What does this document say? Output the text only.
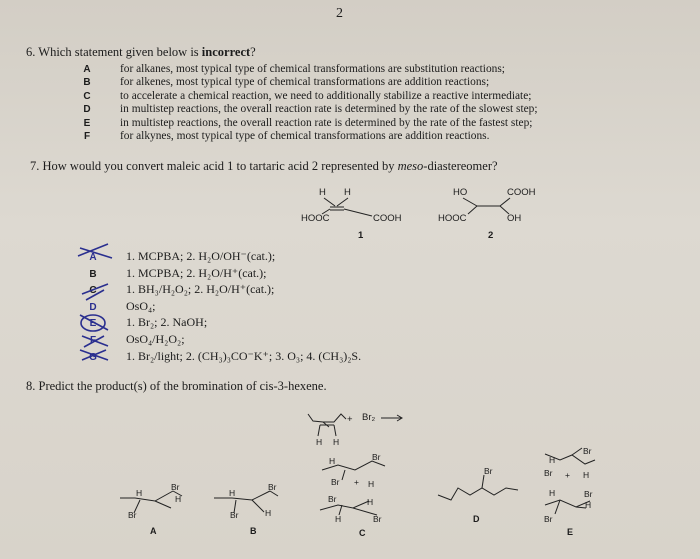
2
6. Which statement given below is incorrect?
A	for alkanes, most typical type of chemical transformations are substitution reactions;
B	for alkenes, most typical type of chemical transformations are addition reactions;
C	to accelerate a chemical reaction, we need to additionally stabilize a reactive intermediate;
D	in multistep reactions, the overall reaction rate is determined by the rate of the slowest step;
E	in multistep reactions, the overall reaction rate is determined by the rate of the fastest step;
F	for alkynes, most typical type of chemical transformations are addition reactions.
7. How would you convert maleic acid 1 to tartaric acid 2 represented by meso-diastereomer?
H H
HOOC	COOH
1
HO	COOH
HOOC	OH
2
A 1. MCPBA; 2. H₂O/OH⁻(cat.);
B 1. MCPBA; 2. H₂O/H⁺(cat.);
C 1. BH₃/H₂O₂; 2. H₂O/H⁺(cat.);
D OsO₄;
E 1. Br₂; 2. NaOH;
F OsO₄/H₂O₂;
G 1. Br₂/light; 2. (CH₃)₃CO⁻K⁺; 3. O₃; 4. (CH₃)₂S.
8. Predict the product(s) of the bromination of cis-3-hexene.
+ Br₂
H H
H
Br
H
Br
A
H
Br
Br	H
B
H	Br
Br + H
Br	H
H	Br
C
Br
D
H
Br
Br + H
H	Br
H
Br
E
